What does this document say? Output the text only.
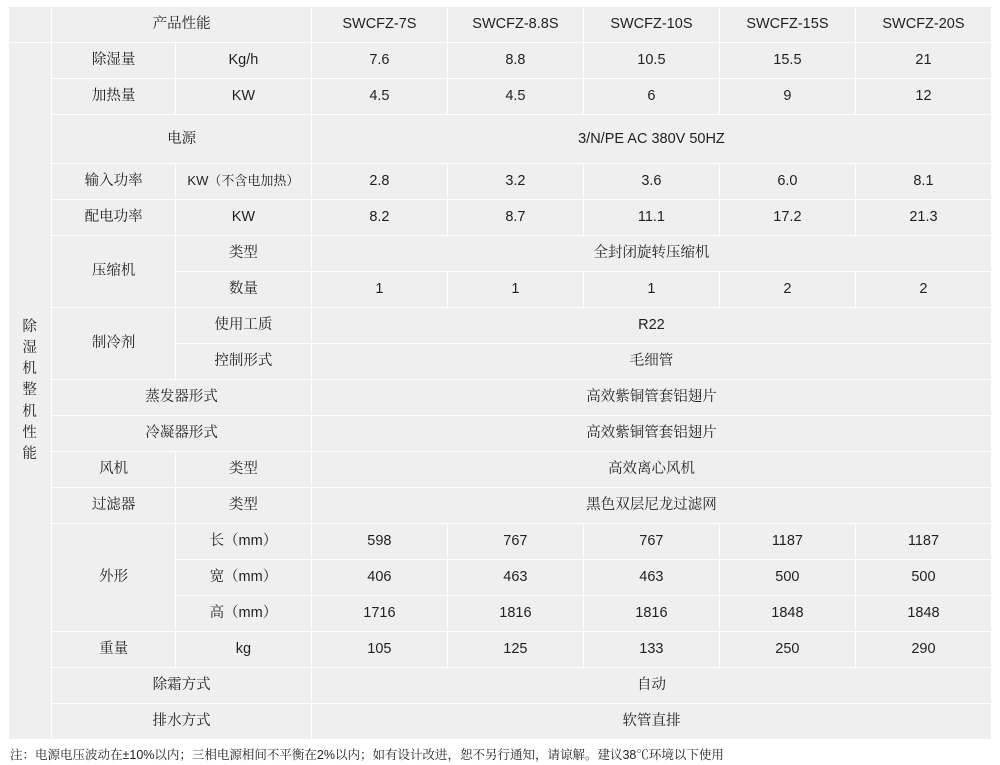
	产品性能		SWCFZ-7S	SWCFZ-8.8S	SWCFZ-10S	SWCFZ-15S	SWCFZ-20S
除湿机整机性能	除湿量	Kg/h	7.6	8.8	10.5	15.5	21
	加热量	KW	4.5	4.5	6	9	12
	电源		3/N/PE AC 380V 50HZ				
	输入功率	KW（不含电加热）	2.8	3.2	3.6	6.0	8.1
	配电功率	KW	8.2	8.7	11.1	17.2	21.3
	压缩机	类型	全封闭旋转压缩机				
		数量	1	1	1	2	2
	制冷剂	使用工质	R22				
		控制形式	毛细管				
	蒸发器形式		高效紫铜管套铝翅片				
	冷凝器形式		高效紫铜管套铝翅片				
	风机	类型	高效离心风机				
	过滤器	类型	黑色双层尼龙过滤网				
	外形	长（mm）	598	767	767	1187	1187
		宽（mm）	406	463	463	500	500
		高（mm）	1716	1816	1816	1848	1848
	重量	kg	105	125	133	250	290
	除霜方式		自动				
	排水方式		软管直排				
注：电源电压波动在±10%以内；三相电源相间不平衡在2%以内；如有设计改进，恕不另行通知，请谅解。建议38℃环境以下使用
